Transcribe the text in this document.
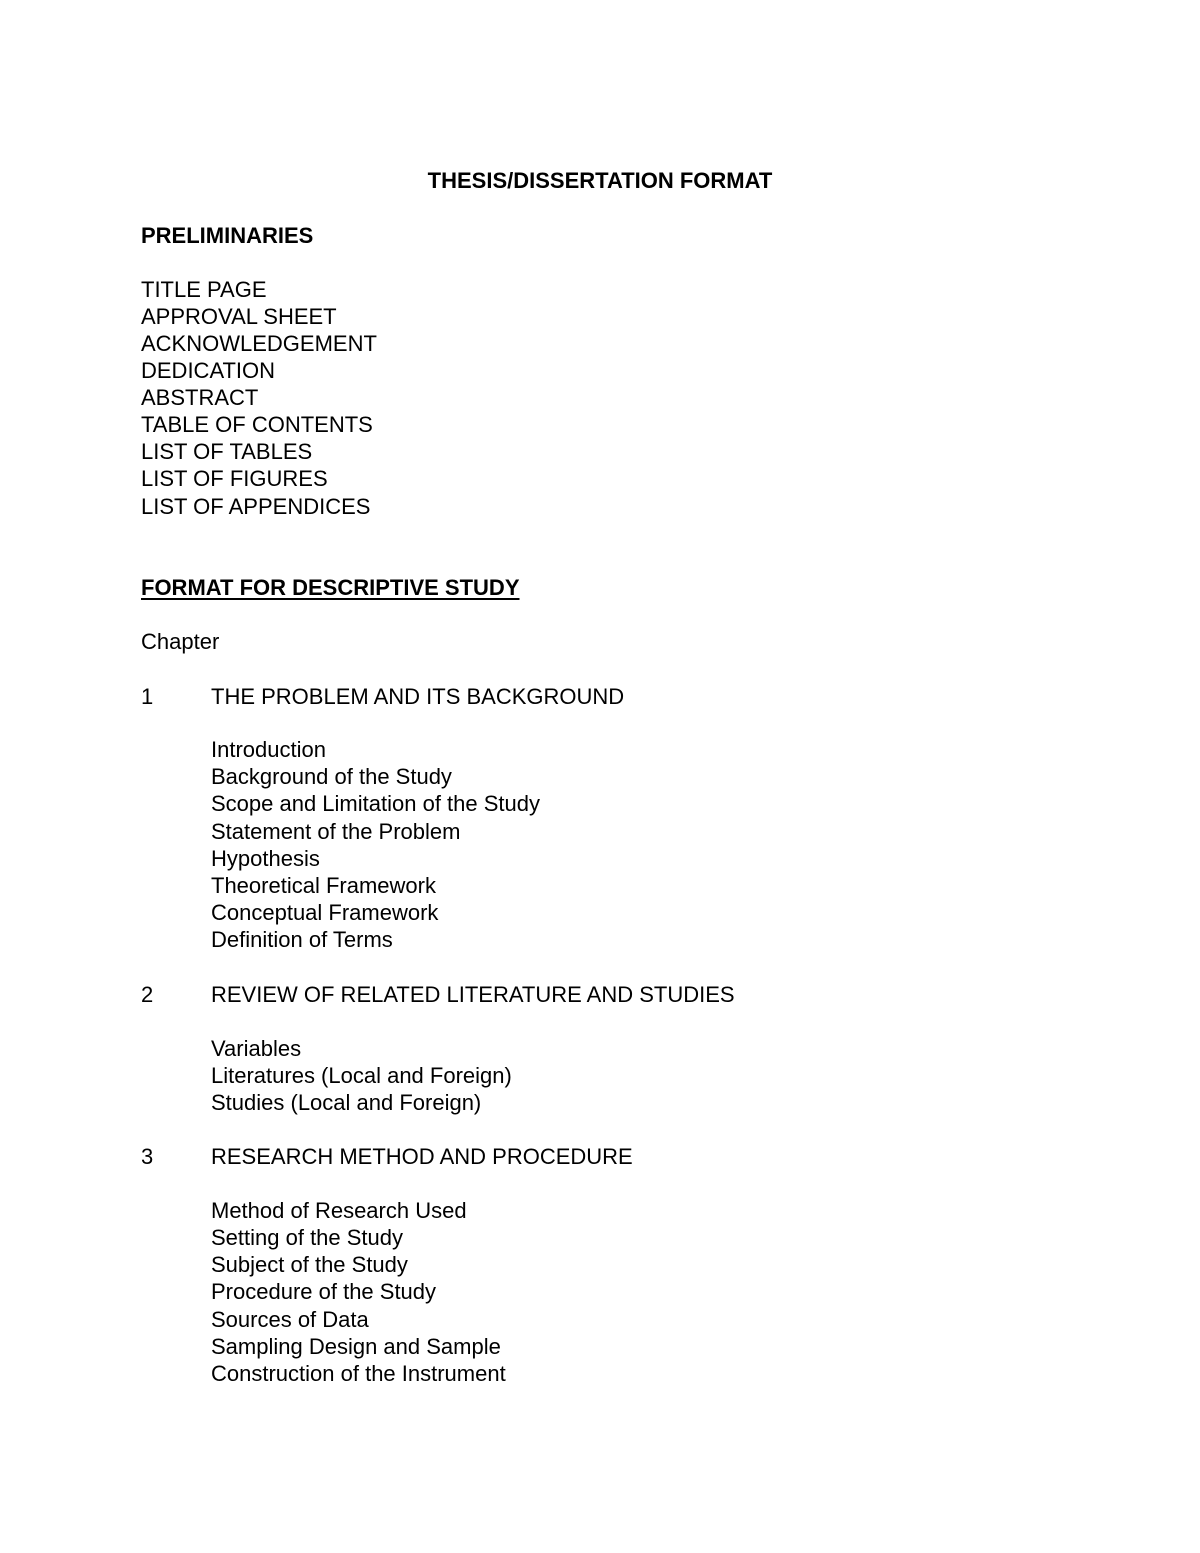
THESIS/DISSERTATION FORMAT
PRELIMINARIES
TITLE PAGE
APPROVAL SHEET
ACKNOWLEDGEMENT
DEDICATION
ABSTRACT
TABLE OF CONTENTS
LIST OF TABLES
LIST OF FIGURES
LIST OF APPENDICES
FORMAT FOR DESCRIPTIVE STUDY
Chapter
1	THE PROBLEM AND ITS BACKGROUND
Introduction
Background of the Study
Scope and Limitation of the Study
Statement of the Problem
Hypothesis
Theoretical Framework
Conceptual Framework
Definition of Terms
2	REVIEW OF RELATED LITERATURE AND STUDIES
Variables
Literatures (Local and Foreign)
Studies (Local and Foreign)
3	RESEARCH METHOD AND PROCEDURE
Method of Research Used
Setting of the Study
Subject of the Study
Procedure of the Study
Sources of Data
Sampling Design and Sample
Construction of the Instrument
